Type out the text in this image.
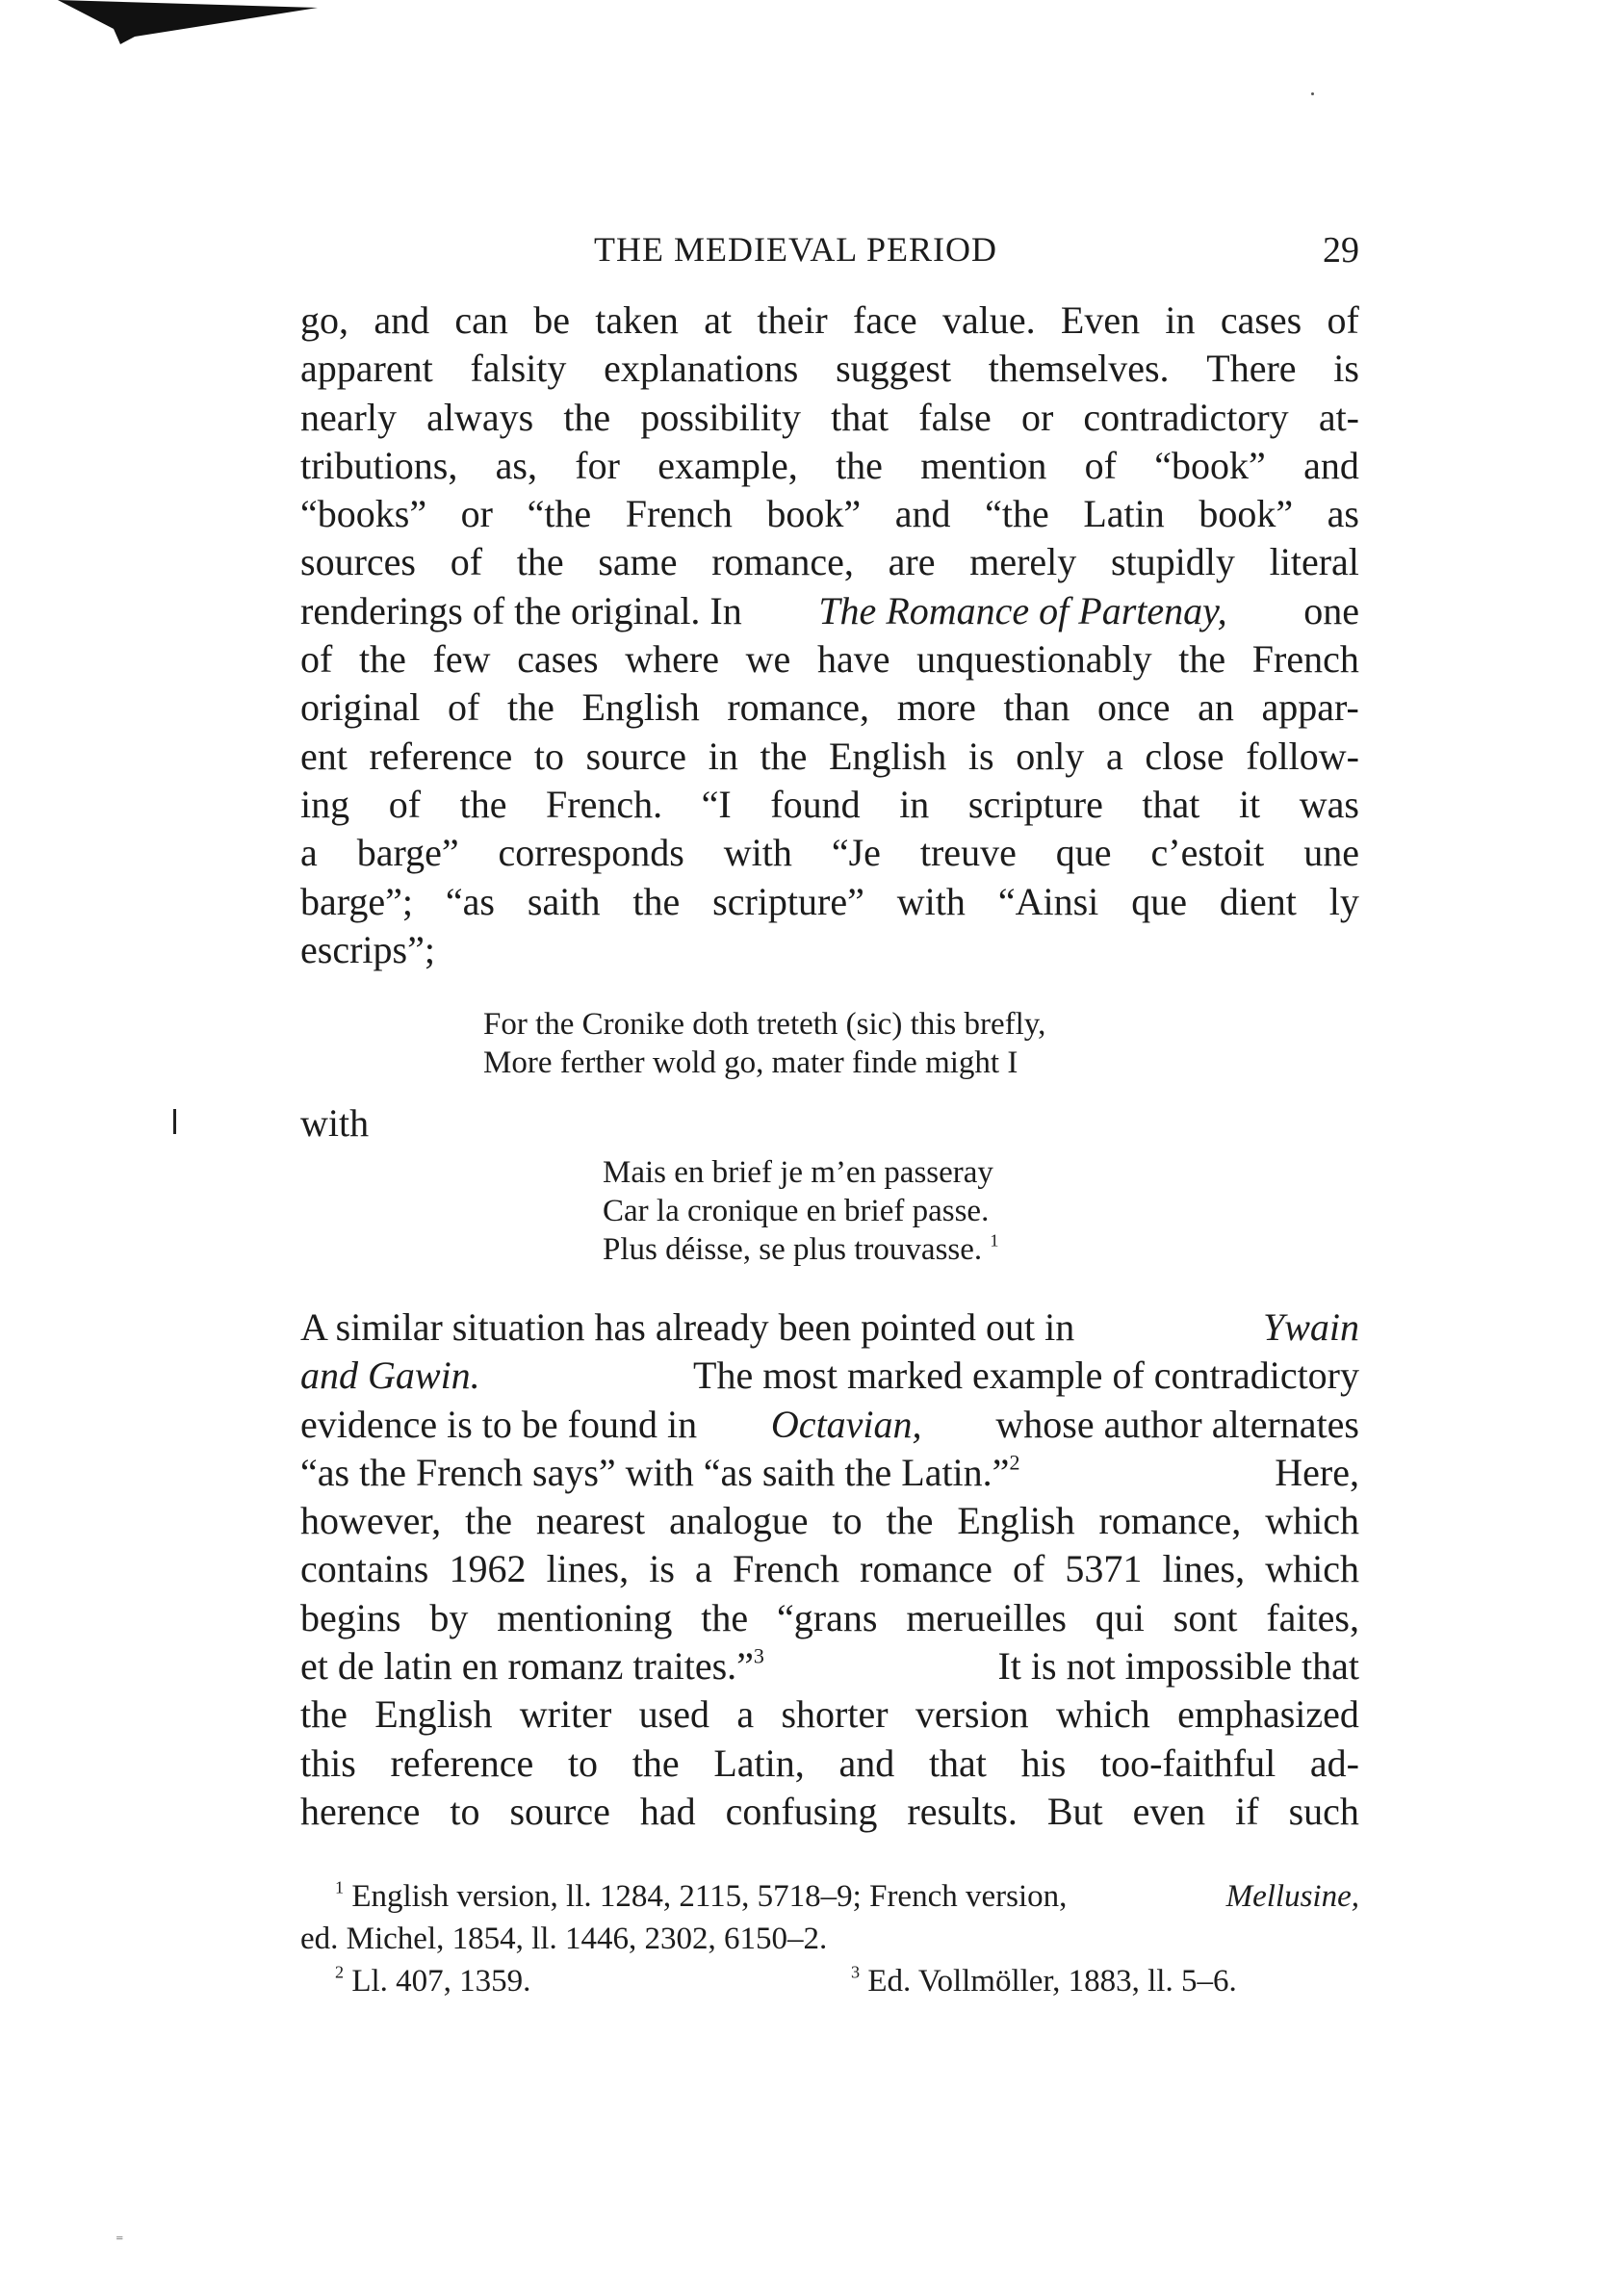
THE MEDIEVAL PERIOD	29
go, and can be taken at their face value. Even in cases of
apparent falsity explanations suggest themselves. There is
nearly always the possibility that false or contradictory at-
tributions, as, for example, the mention of “book” and
“books” or “the French book” and “the Latin book” as
sources of the same romance, are merely stupidly literal
renderings of the original. In The Romance of Partenay, one
of the few cases where we have unquestionably the French
original of the English romance, more than once an appar-
ent reference to source in the English is only a close follow-
ing of the French. “I found in scripture that it was
a barge” corresponds with “Je treuve que c’estoit une
barge”; “as saith the scripture” with “Ainsi que dient ly
escrips”;
For the Cronike doth treteth (sic) this brefly,
More ferther wold go, mater finde might I
with
Mais en brief je m’en passeray
Car la cronique en brief passe.
Plus déisse, se plus trouvasse. $^1$
A similar situation has already been pointed out in	Ywain
and Gawin.	The most marked example of contradictory
evidence is to be found in Octavian, whose author alternates
“as the French says” with “as saith the Latin.”$^2$	Here,
however, the nearest analogue to the English romance, which
contains 1962 lines, is a French romance of 5371 lines, which
begins by mentioning the “grans merueilles qui sont faites,
et de latin en romanz traites.”$^3$	It is not impossible that
the English writer used a shorter version which emphasized
this reference to the Latin, and that his too-faithful ad-
herence to source had confusing results. But even if such
$^1$ English version, ll. 1284, 2115, 5718–9; French version,	Mellusine,
ed. Michel, 1854, ll. 1446, 2302, 6150–2.
$^2$ Ll. 407, 1359.	$^3$ Ed. Vollmöller, 1883, ll. 5–6.
⁼
